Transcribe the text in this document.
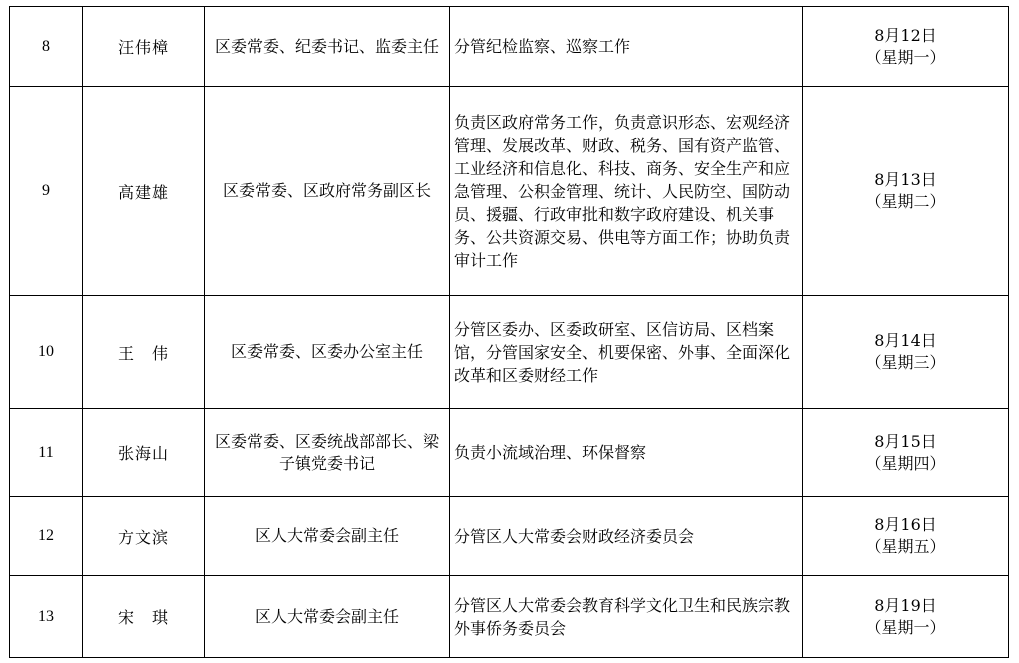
8	汪伟樟	区委常委、纪委书记、监委主任	分管纪检监察、巡察工作	8月12日
（星期一）

9	高建雄	区委常委、区政府常务副区长	负责区政府常务工作，负责意识形态、宏观经济管理、发展改革、财政、税务、国有资产监管、工业经济和信息化、科技、商务、安全生产和应急管理、公积金管理、统计、人民防空、国防动员、援疆、行政审批和数字政府建设、机关事务、公共资源交易、供电等方面工作；协助负责审计工作	8月13日
（星期二）

10	王　伟	区委常委、区委办公室主任	分管区委办、区委政研室、区信访局、区档案馆，分管国家安全、机要保密、外事、全面深化改革和区委财经工作	8月14日
（星期三）

11	张海山	区委常委、区委统战部部长、梁子镇党委书记	负责小流域治理、环保督察	8月15日
（星期四）

12	方文滨	区人大常委会副主任	分管区人大常委会财政经济委员会	8月16日
（星期五）

13	宋　琪	区人大常委会副主任	分管区人大常委会教育科学文化卫生和民族宗教外事侨务委员会	8月19日
（星期一）
